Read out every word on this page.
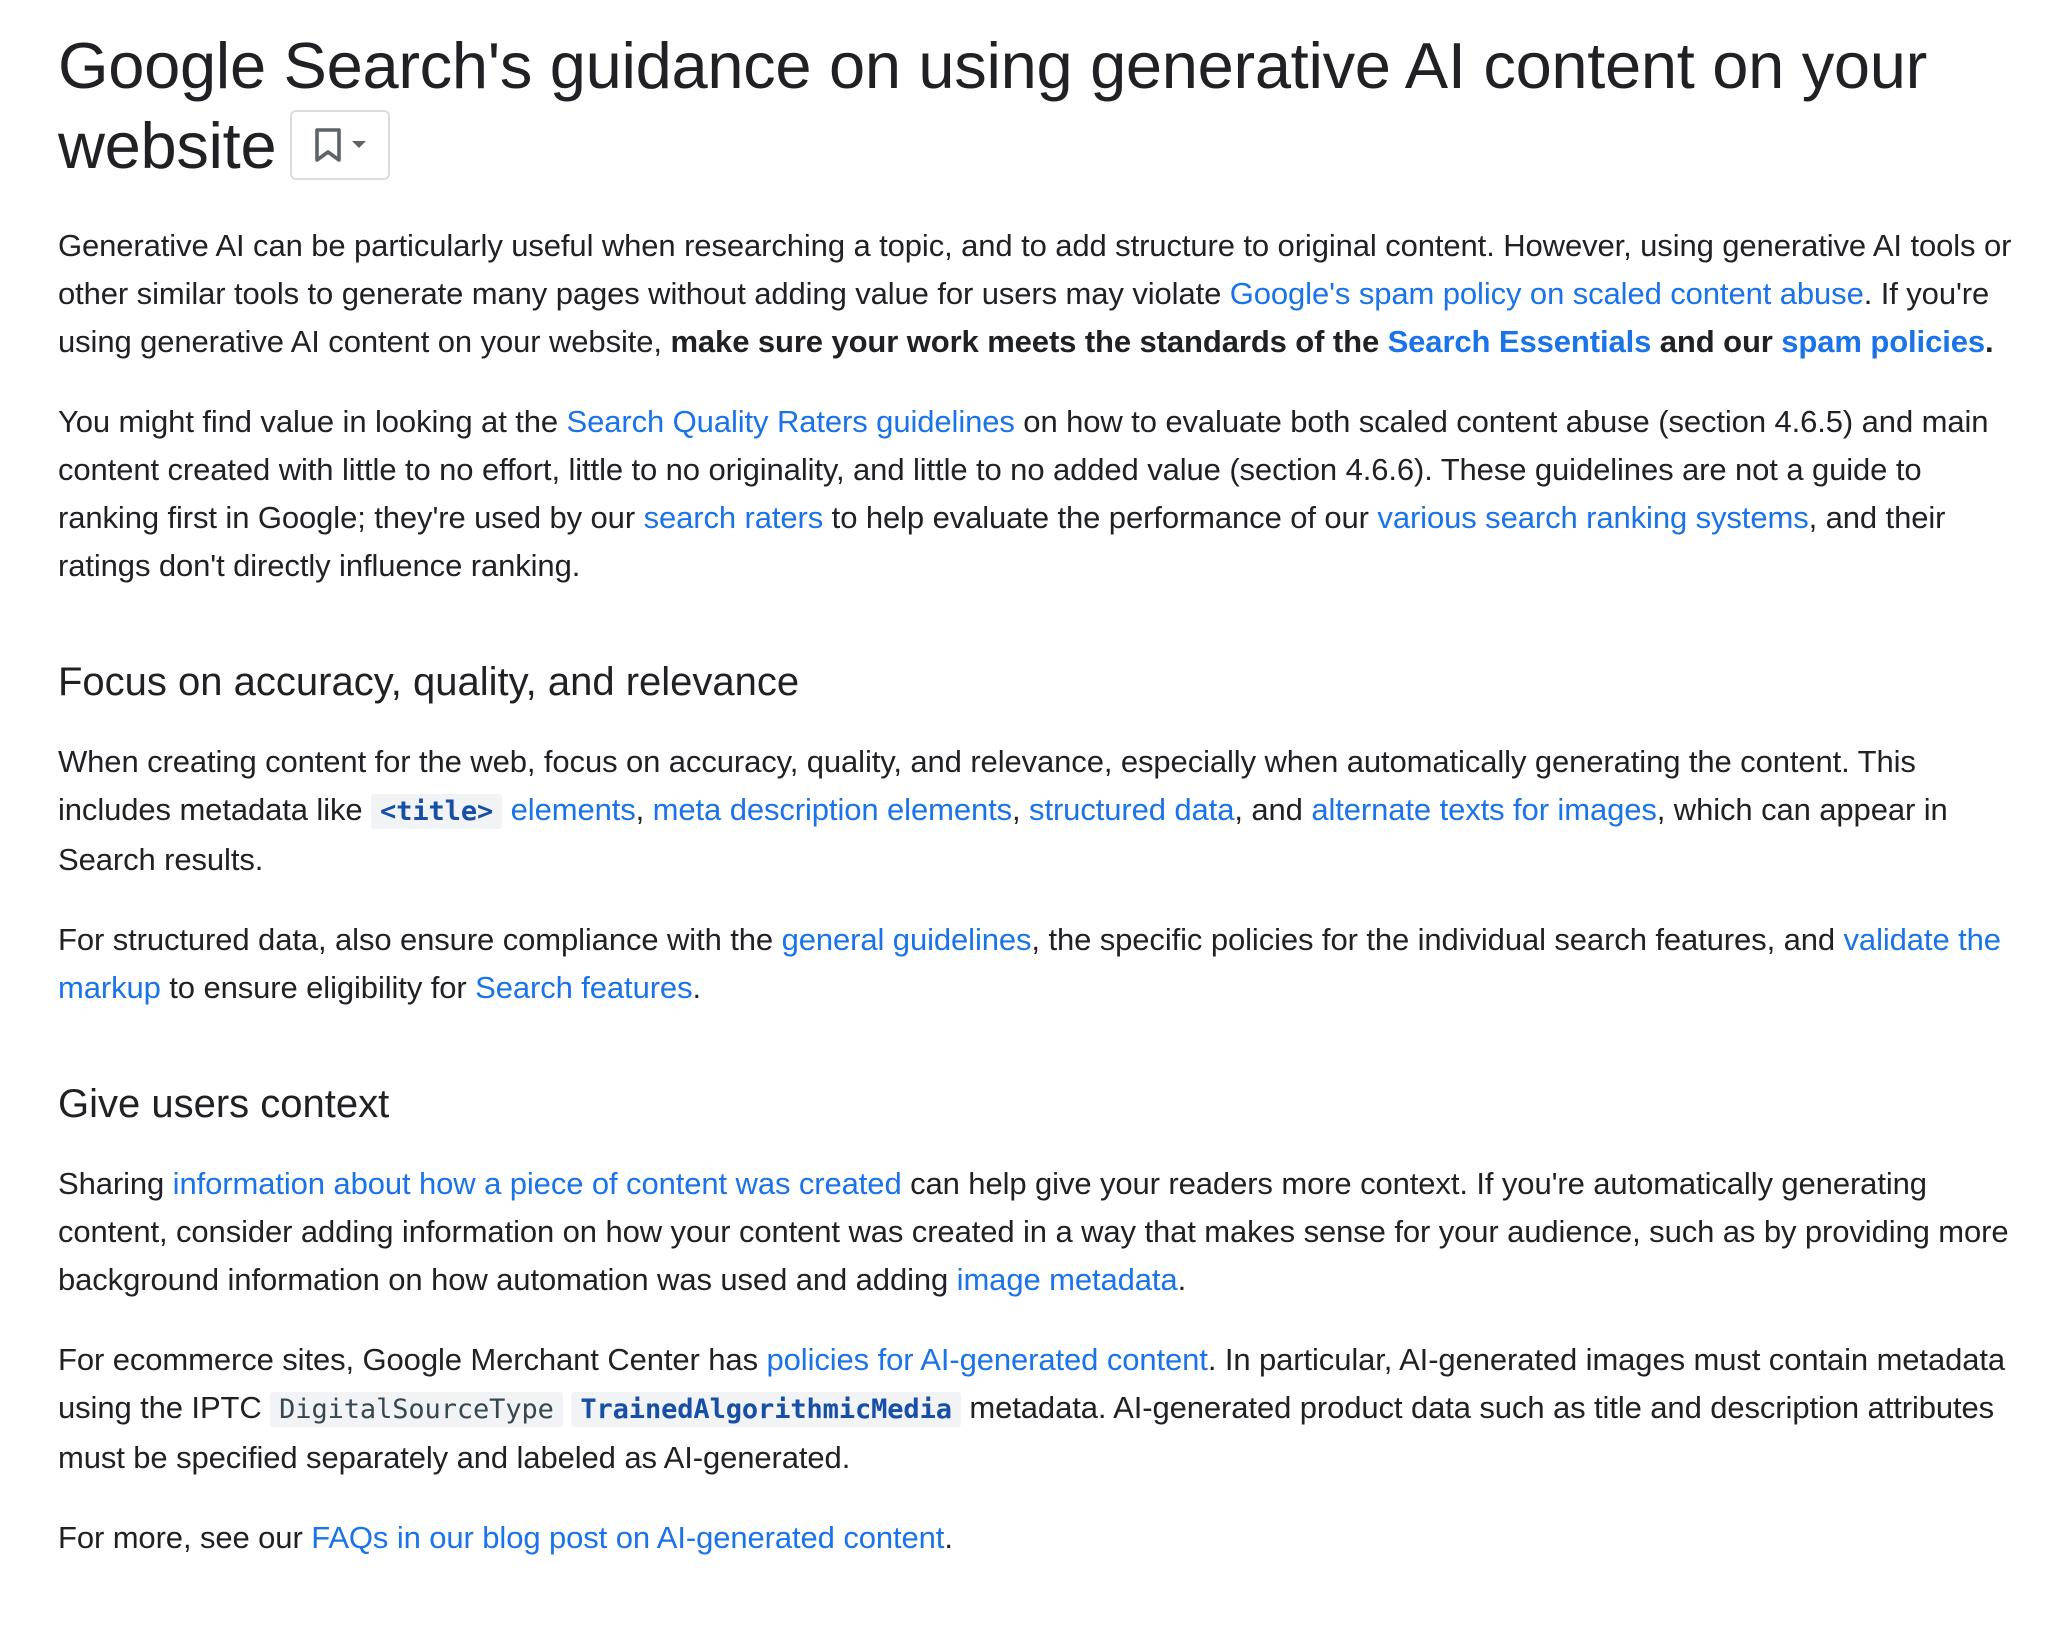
Google Search's guidance on using generative AI content on your website

Generative AI can be particularly useful when researching a topic, and to add structure to original content. However, using generative AI tools or other similar tools to generate many pages without adding value for users may violate Google's spam policy on scaled content abuse. If you're using generative AI content on your website, make sure your work meets the standards of the Search Essentials and our spam policies.

You might find value in looking at the Search Quality Raters guidelines on how to evaluate both scaled content abuse (section 4.6.5) and main content created with little to no effort, little to no originality, and little to no added value (section 4.6.6). These guidelines are not a guide to ranking first in Google; they're used by our search raters to help evaluate the performance of our various search ranking systems, and their ratings don't directly influence ranking.

Focus on accuracy, quality, and relevance

When creating content for the web, focus on accuracy, quality, and relevance, especially when automatically generating the content. This includes metadata like <title> elements, meta description elements, structured data, and alternate texts for images, which can appear in Search results.

For structured data, also ensure compliance with the general guidelines, the specific policies for the individual search features, and validate the markup to ensure eligibility for Search features.

Give users context

Sharing information about how a piece of content was created can help give your readers more context. If you're automatically generating content, consider adding information on how your content was created in a way that makes sense for your audience, such as by providing more background information on how automation was used and adding image metadata.

For ecommerce sites, Google Merchant Center has policies for AI-generated content. In particular, AI-generated images must contain metadata using the IPTC DigitalSourceType TrainedAlgorithmicMedia metadata. AI-generated product data such as title and description attributes must be specified separately and labeled as AI-generated.

For more, see our FAQs in our blog post on AI-generated content.
